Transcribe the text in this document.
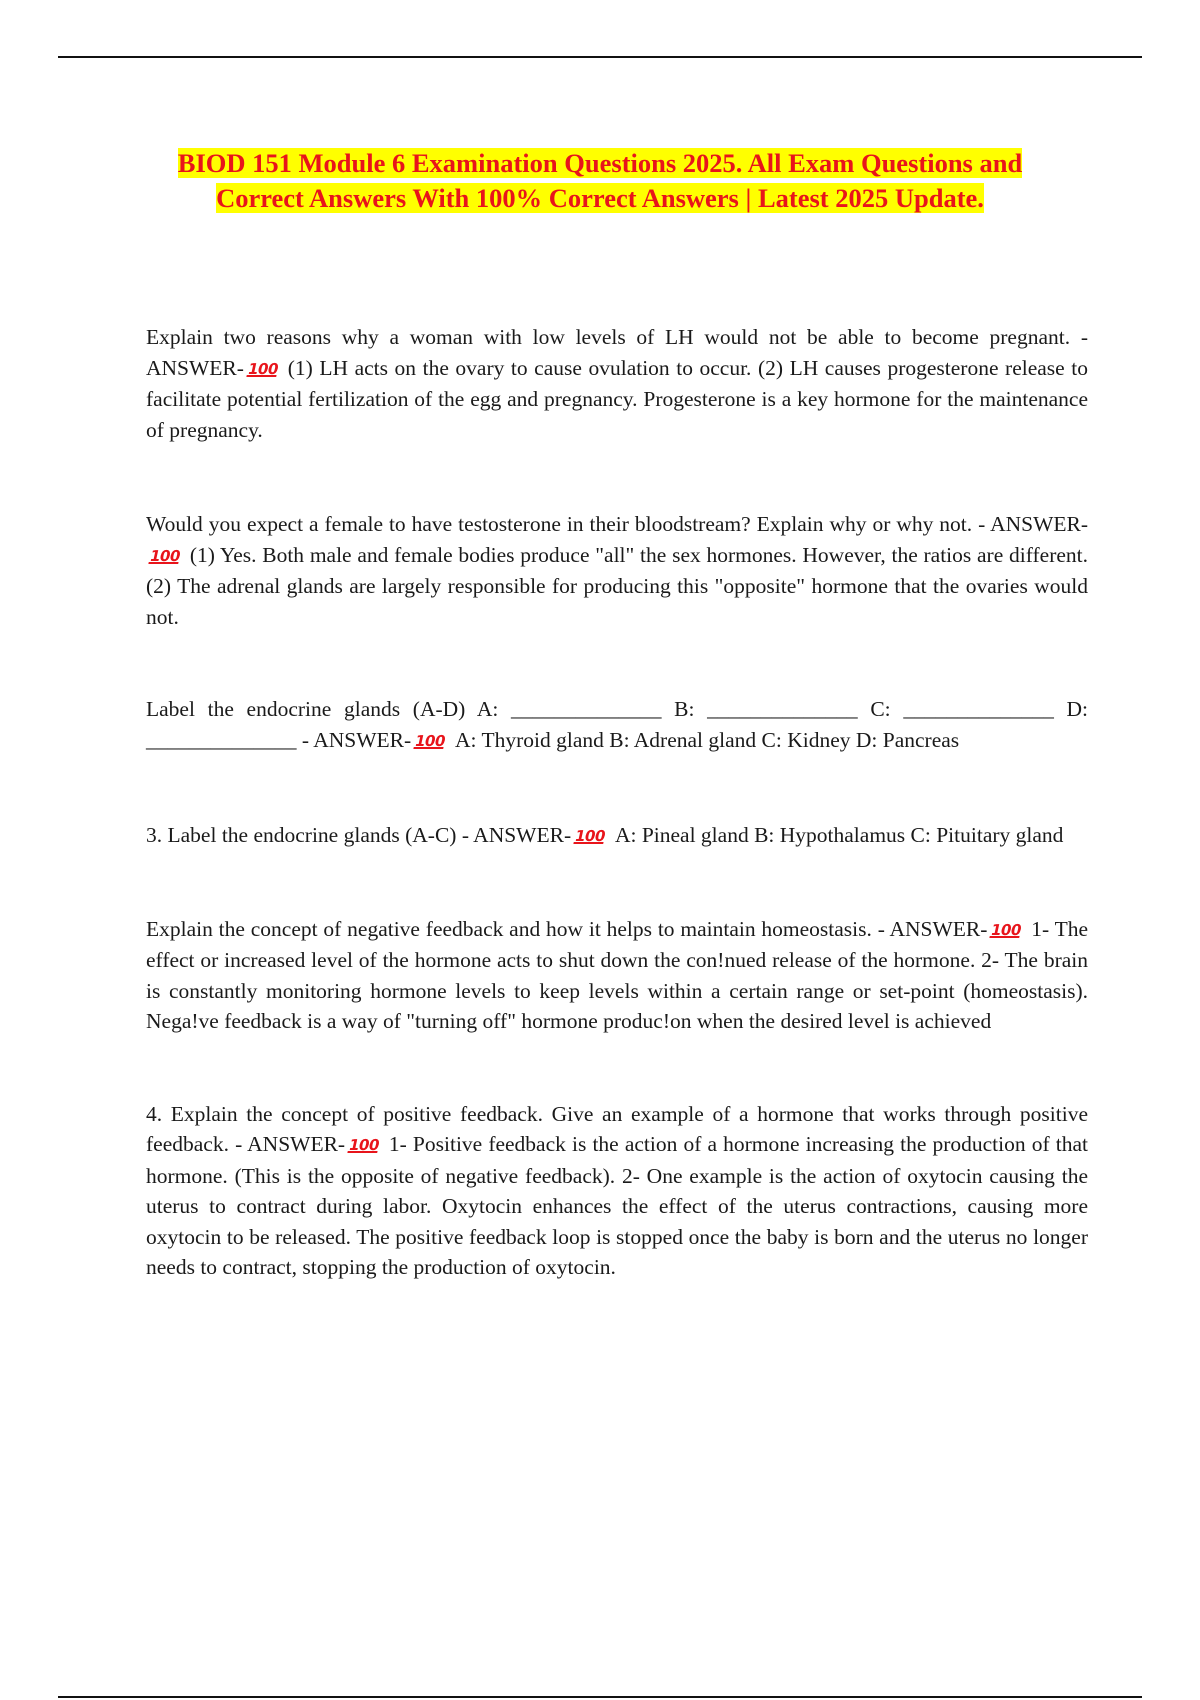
BIOD 151 Module 6 Examination Questions 2025. All Exam Questions and
Correct Answers With 100% Correct Answers | Latest 2025 Update.

Explain two reasons why a woman with low levels of LH would not be able to become pregnant. - ANSWER- 100 (1) LH acts on the ovary to cause ovulation to occur. (2) LH causes progesterone release to facilitate potential fertilization of the egg and pregnancy. Progesterone is a key hormone for the maintenance of pregnancy.

Would you expect a female to have testosterone in their bloodstream? Explain why or why not. - ANSWER-100 (1) Yes. Both male and female bodies produce "all" the sex hormones. However, the ratios are different. (2) The adrenal glands are largely responsible for producing this "opposite" hormone that the ovaries would not.

Label the endocrine glands (A-D) A: ______________ B: ______________ C: ______________ D: ______________ - ANSWER- 100 A: Thyroid gland B: Adrenal gland C: Kidney D: Pancreas

3. Label the endocrine glands (A-C) - ANSWER- 100 A: Pineal gland B: Hypothalamus C: Pituitary gland

Explain the concept of negative feedback and how it helps to maintain homeostasis. - ANSWER- 100 1- The effect or increased level of the hormone acts to shut down the con!nued release of the hormone. 2- The brain is constantly monitoring hormone levels to keep levels within a certain range or set-point (homeostasis). Nega!ve feedback is a way of "turning off" hormone produc!on when the desired level is achieved

4. Explain the concept of positive feedback. Give an example of a hormone that works through positive feedback. - ANSWER- 100 1- Positive feedback is the action of a hormone increasing the production of that hormone. (This is the opposite of negative feedback). 2- One example is the action of oxytocin causing the uterus to contract during labor. Oxytocin enhances the effect of the uterus contractions, causing more oxytocin to be released. The positive feedback loop is stopped once the baby is born and the uterus no longer needs to contract, stopping the production of oxytocin.
